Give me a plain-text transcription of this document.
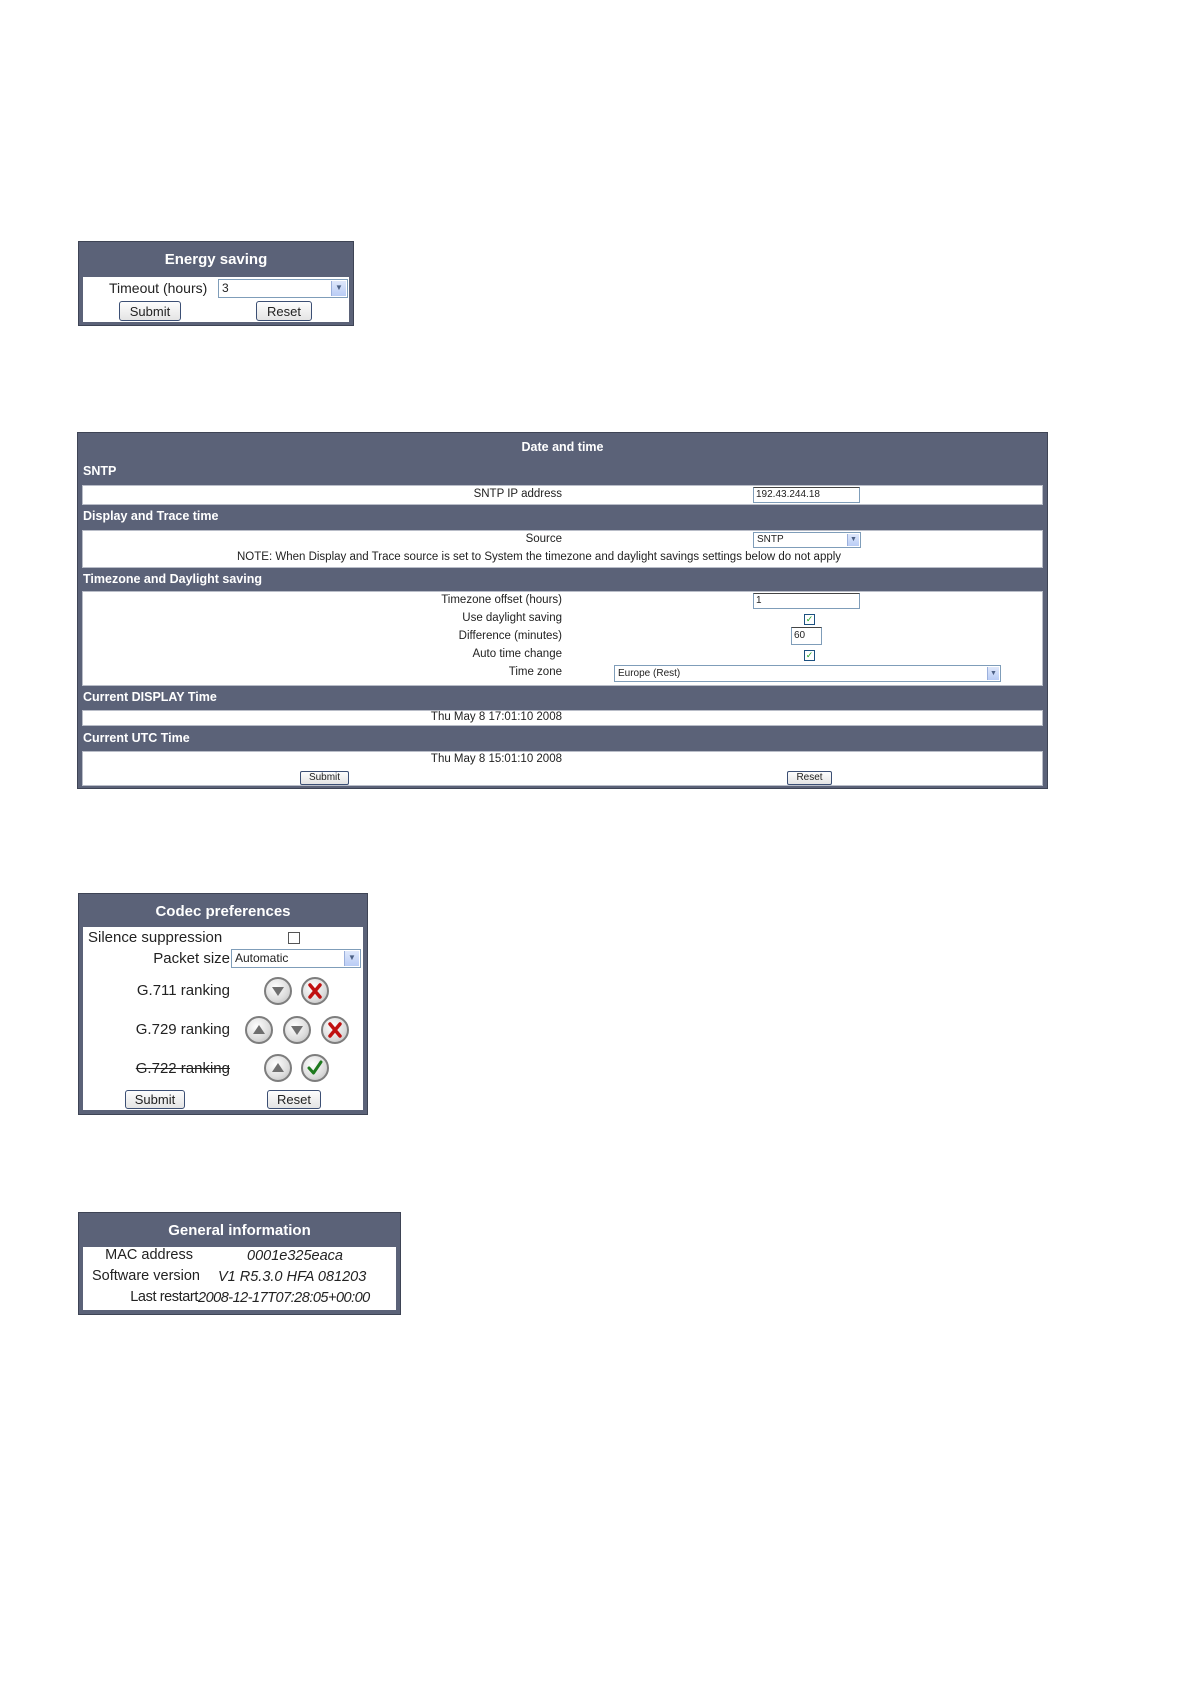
Energy saving
Timeout (hours)	3	▼
Submit	Reset
Date and time
SNTP
SNTP IP address	192.43.244.18
Display and Trace time
Source	SNTP	▼
NOTE: When Display and Trace source is set to System the timezone and daylight savings settings below do not apply
Timezone and Daylight saving
Timezone offset (hours)	1
Use daylight saving	✓
Difference (minutes)	60
Auto time change	✓
Time zone	Europe (Rest)	▼
Current DISPLAY Time
Thu May 8 17:01:10 2008
Current UTC Time
Thu May 8 15:01:10 2008
Submit	Reset
Codec preferences
Silence suppression
Packet size Automatic	▼
G.711 ranking
G.729 ranking
G.722 ranking
Submit	Reset
General information
MAC address	0001e325eaca
Software version V1 R5.3.0 HFA 081203
Last restart 2008-12-17T07:28:05+00:00
